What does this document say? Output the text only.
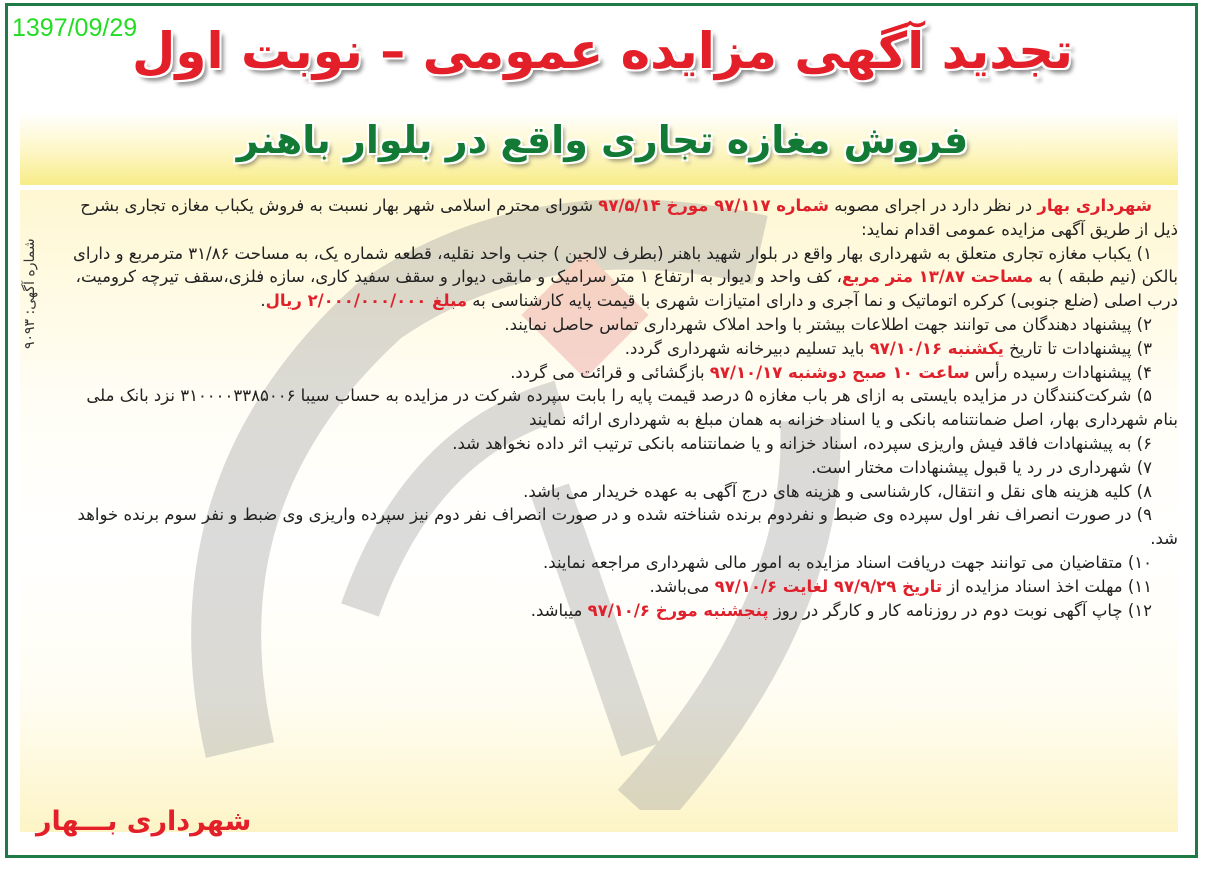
1397/09/29
تجدید آگهی مزایده عمومی – نوبت اول
فروش مغازه تجاری واقع در بلوار باهنر
شماره آگهی: ۹۰۹۳

شهرداری بهار در نظر دارد در اجرای مصوبه شماره ۹۷/۱۱۷ مورخ ۹۷/۵/۱۴ شورای محترم اسلامی شهر بهار نسبت به فروش یکباب مغازه تجاری بشرح ذیل از طریق آگهی مزایده عمومی اقدام نماید:

۱) یکباب مغازه تجاری متعلق به شهرداری بهار واقع در بلوار شهید باهنر (بطرف لالجین ) جنب واحد نقلیه، قطعه شماره یک، به مساحت ۳۱/۸۶ مترمربع و دارای بالکن (نیم طبقه ) به مساحت ۱۳/۸۷ متر مربع، کف واحد و دیوار به ارتفاع ۱ متر سرامیک و مابقی دیوار و سقف سفید کاری، سازه فلزی،سقف تیرچه کرومیت، درب اصلی (ضلع جنوبی) کرکره اتوماتیک و نما آجری و دارای امتیازات شهری با قیمت پایه کارشناسی به مبلغ ۲/۰۰۰/۰۰۰/۰۰۰ ریال.

۲) پیشنهاد دهندگان می توانند جهت اطلاعات بیشتر با واحد املاک شهرداری تماس حاصل نمایند.

۳) پیشنهادات تا تاریخ یکشنبه ۹۷/۱۰/۱۶ باید تسلیم دبیرخانه شهرداری گردد.

۴) پیشنهادات رسیده رأس ساعت ۱۰ صبح دوشنبه ۹۷/۱۰/۱۷ بازگشائی و قرائت می گردد.

۵) شرکت‌کنندگان در مزایده بایستی به ازای هر باب مغازه ۵ درصد قیمت پایه را بابت سپرده شرکت در مزایده به حساب سیبا ۳۱۰۰۰۰۳۳۸۵۰۰۶ نزد بانک ملی بنام شهرداری بهار، اصل ضمانتنامه بانکی و یا اسناد خزانه به همان مبلغ به شهرداری ارائه نمایند

۶) به پیشنهادات فاقد فیش واریزی سپرده، اسناد خزانه و یا ضمانتنامه بانکی ترتیب اثر داده نخواهد شد.

۷) شهرداری در رد یا قبول پیشنهادات مختار است.

۸) کلیه هزینه های نقل و انتقال، کارشناسی و هزینه های درج آگهی به عهده خریدار می باشد.

۹) در صورت انصراف نفر اول سپرده وی ضبط و نفردوم برنده شناخته شده و در صورت انصراف نفر دوم نیز سپرده واریزی وی ضبط و نفر سوم برنده خواهد شد.

۱۰) متقاضیان می توانند جهت دریافت اسناد مزایده به امور مالی شهرداری مراجعه نمایند.

۱۱) مهلت اخذ اسناد مزایده از تاریخ ۹۷/۹/۲۹ لغایت ۹۷/۱۰/۶ می‌باشد.

۱۲) چاپ آگهی نوبت دوم در روزنامه کار و کارگر در روز پنجشنبه مورخ ۹۷/۱۰/۶ میباشد.

شهرداری بـــهار
